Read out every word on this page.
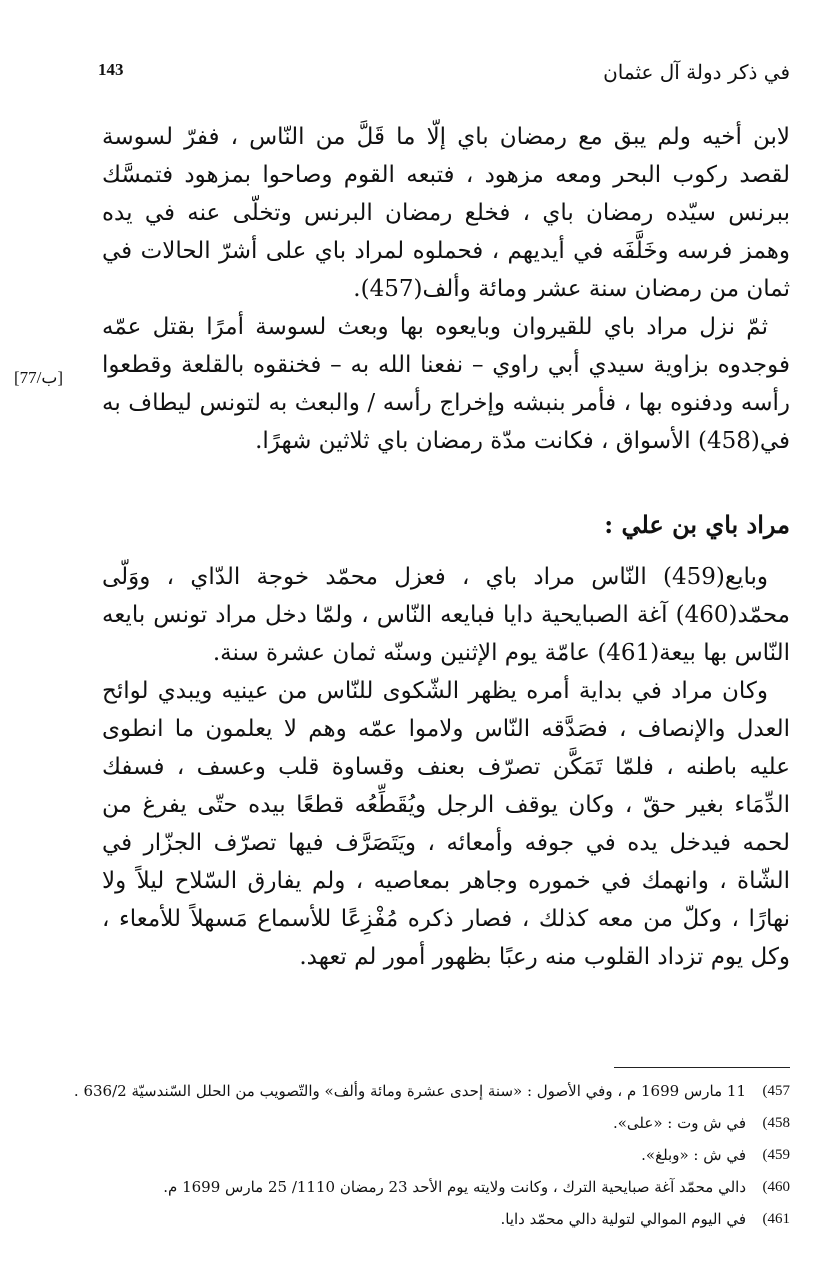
في ذكر دولة آل عثمان
143

لابن أخيه ولم يبق مع رمضان باي إلّا ما قَلَّ من النّاس ، ففرّ لسوسة لقصد ركوب البحر ومعه مزهود ، فتبعه القوم وصاحوا بمزهود فتمسَّك ببرنس سيّده رمضان باي ، فخلع رمضان البرنس وتخلّى عنه في يده وهمز فرسه وخَلَّفَه في أيديهم ، فحملوه لمراد باي على أشرّ الحالات في ثمان من رمضان سنة عشر ومائة وألف(457).

ثمّ نزل مراد باي للقيروان وبايعوه بها وبعث لسوسة أمرًا بقتل عمّه فوجدوه بزاوية سيدي أبي راوي – نفعنا الله به – فخنقوه بالقلعة وقطعوا رأسه ودفنوه بها ، فأمر بنبشه وإخراج رأسه / والبعث به لتونس ليطاف به في(458) الأسواق ، فكانت مدّة رمضان باي ثلاثين شهرًا.

[77/ب]
مراد باي بن علي :

وبايع(459) النّاس مراد باي ، فعزل محمّد خوجة الدّاي ، ووَلّى محمّد(460) آغة الصبايحية دايا فبايعه النّاس ، ولمّا دخل مراد تونس بايعه النّاس بها بيعة(461) عامّة يوم الإثنين وسنّه ثمان عشرة سنة.

وكان مراد في بداية أمره يظهر الشّكوى للنّاس من عينيه ويبدي لوائح العدل والإنصاف ، فصَدَّقه النّاس ولاموا عمّه وهم لا يعلمون ما انطوى عليه باطنه ، فلمّا تَمَكَّن تصرّف بعنف وقساوة قلب وعسف ، فسفك الدِّمَاء بغير حقّ ، وكان يوقف الرجل ويُقَطِّعُه قطعًا بيده حتّى يفرغ من لحمه فيدخل يده في جوفه وأمعائه ، ويَتَصَرَّف فيها تصرّف الجزّار في الشّاة ، وانهمك في خموره وجاهر بمعاصيه ، ولم يفارق السّلاح ليلاً ولا نهارًا ، وكلّ من معه كذلك ، فصار ذكره مُفْزِعًا للأسماع مَسهلاً للأمعاء ، وكل يوم تزداد القلوب منه رعبًا بظهور أمور لم تعهد.

457)
11 مارس 1699 م ، وفي الأصول : «سنة إحدى عشرة ومائة وألف» والتّصويب من الحلل السّندسيّة 636/2 .
458)
في ش وت : «على».
459)
في ش : «وبلغ».
460)
دالي محمّد آغة صبايحية الترك ، وكانت ولايته يوم الأحد 23 رمضان 1110/ 25 مارس 1699 م.
461)
في اليوم الموالي لتولية دالي محمّد دايا.
